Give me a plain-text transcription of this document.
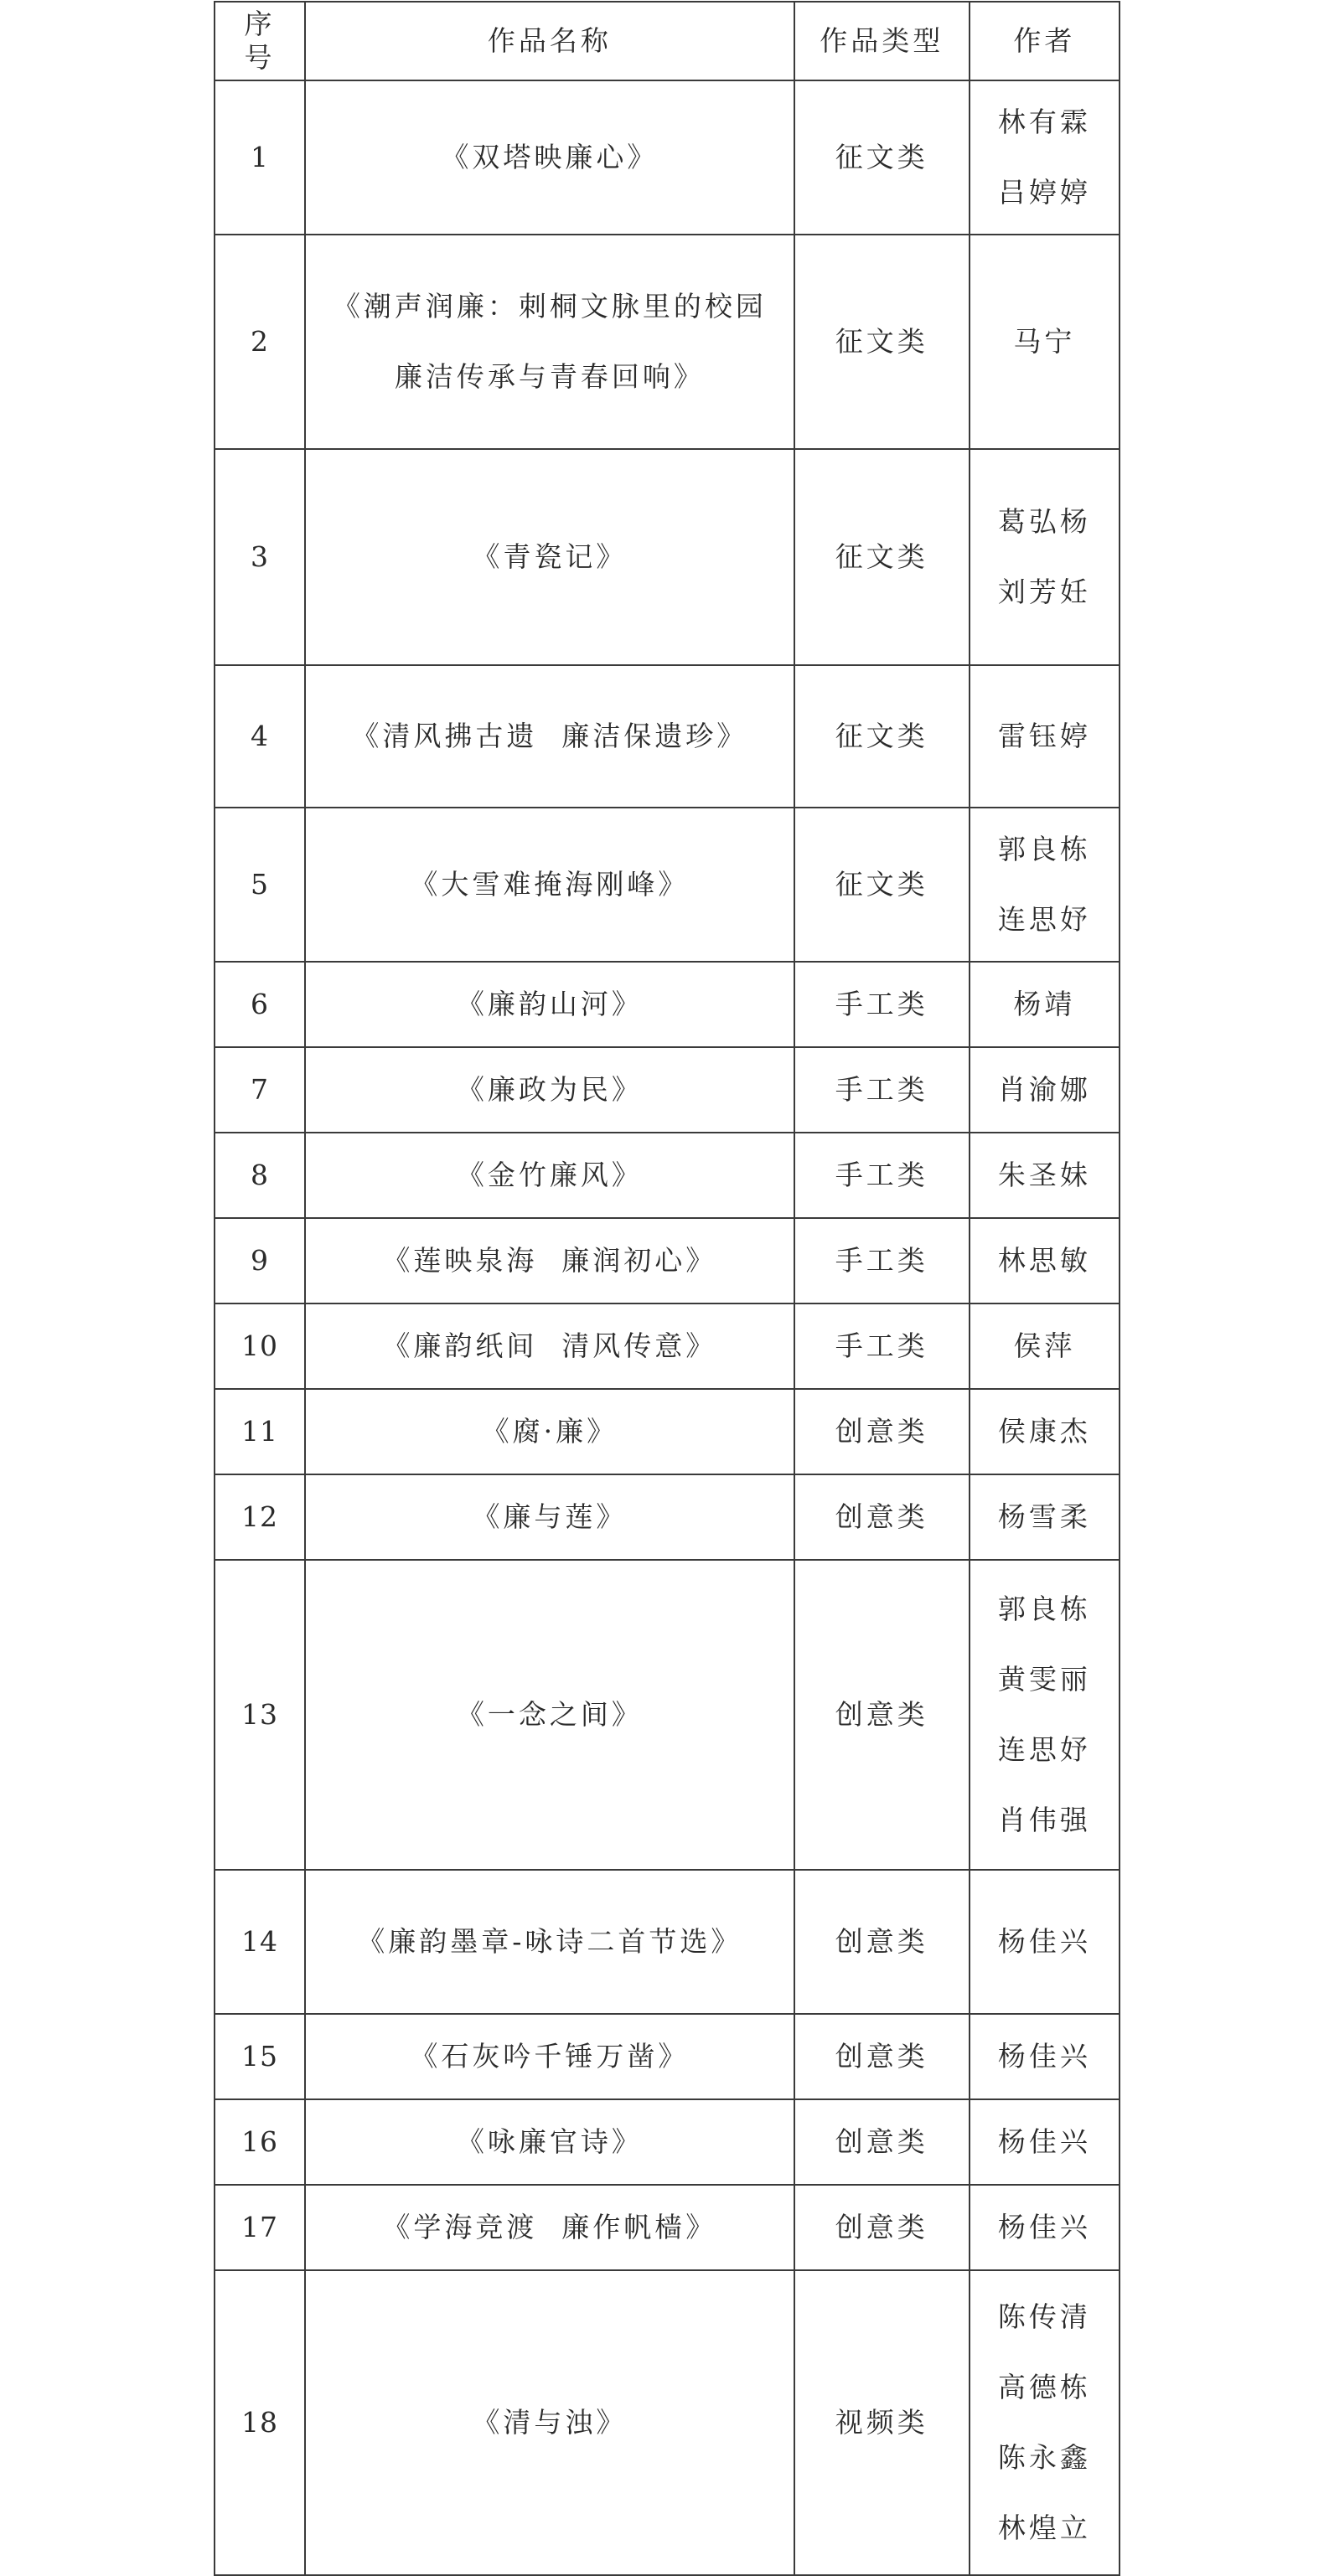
序号	作品名称	作品类型	作者
1	《双塔映廉心》	征文类	林有霖
吕婷婷

2	《潮声润廉：刺桐文脉里的校园
廉洁传承与青春回响》	征文类	马宁

3	《青瓷记》	征文类	葛弘杨
刘芳妊

4	《清风拂古遗  廉洁保遗珍》	征文类	雷钰婷

5	《大雪难掩海刚峰》	征文类	郭良栋
连思妤

6	《廉韵山河》	手工类	杨靖

7	《廉政为民》	手工类	肖渝娜

8	《金竹廉风》	手工类	朱圣妹

9	《莲映泉海  廉润初心》	手工类	林思敏

10	《廉韵纸间  清风传意》	手工类	侯萍

11	《腐·廉》	创意类	侯康杰

12	《廉与莲》	创意类	杨雪柔

13	《一念之间》	创意类	郭良栋
黄雯丽
连思妤
肖伟强

14	《廉韵墨章-咏诗二首节选》	创意类	杨佳兴

15	《石灰吟千锤万凿》	创意类	杨佳兴

16	《咏廉官诗》	创意类	杨佳兴

17	《学海竞渡  廉作帆樯》	创意类	杨佳兴

18	《清与浊》	视频类	陈传清
高德栋
陈永鑫
林煌立
